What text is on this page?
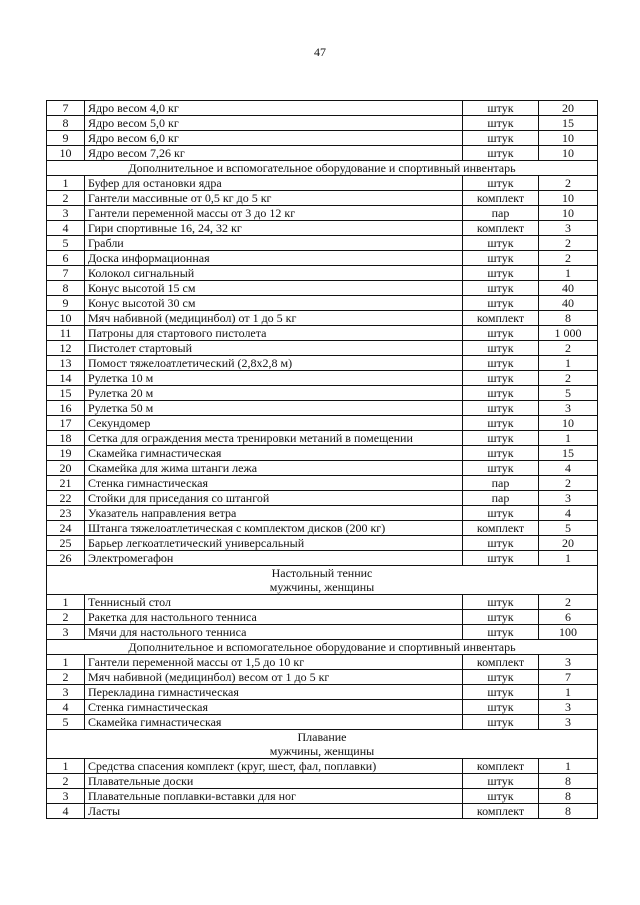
47
7	Ядро весом 4,0 кг	штук	20
8	Ядро весом 5,0 кг	штук	15
9	Ядро весом 6,0 кг	штук	10
10	Ядро весом 7,26 кг	штук	10
Дополнительное и вспомогательное оборудование и спортивный инвентарь			
1	Буфер для остановки ядра	штук	2
2	Гантели массивные от 0,5 кг до 5 кг	комплект	10
3	Гантели переменной массы от 3 до 12 кг	пар	10
4	Гири спортивные 16, 24, 32 кг	комплект	3
5	Грабли	штук	2
6	Доска информационная	штук	2
7	Колокол сигнальный	штук	1
8	Конус высотой 15 см	штук	40
9	Конус высотой 30 см	штук	40
10	Мяч набивной (медицинбол) от 1 до 5 кг	комплект	8
11	Патроны для стартового пистолета	штук	1 000
12	Пистолет стартовый	штук	2
13	Помост тяжелоатлетический (2,8х2,8 м)	штук	1
14	Рулетка 10 м	штук	2
15	Рулетка 20 м	штук	5
16	Рулетка 50 м	штук	3
17	Секундомер	штук	10
18	Сетка для ограждения места тренировки метаний в помещении	штук	1
19	Скамейка гимнастическая	штук	15
20	Скамейка для жима штанги лежа	штук	4
21	Стенка гимнастическая	пар	2
22	Стойки для приседания со штангой	пар	3
23	Указатель направления ветра	штук	4
24	Штанга тяжелоатлетическая с комплектом дисков (200 кг)	комплект	5
25	Барьер легкоатлетический универсальный	штук	20
26	Электромегафон	штук	1
Настольный теннис
мужчины, женщины			
1	Теннисный стол	штук	2
2	Ракетка для настольного тенниса	штук	6
3	Мячи для настольного тенниса	штук	100
Дополнительное и вспомогательное оборудование и спортивный инвентарь			
1	Гантели переменной массы от 1,5 до 10 кг	комплект	3
2	Мяч набивной (медицинбол) весом от 1 до 5 кг	штук	7
3	Перекладина гимнастическая	штук	1
4	Стенка гимнастическая	штук	3
5	Скамейка гимнастическая	штук	3
Плавание
мужчины, женщины			
1	Средства спасения комплект (круг, шест, фал, поплавки)	комплект	1
2	Плавательные доски	штук	8
3	Плавательные поплавки-вставки для ног	штук	8
4	Ласты	комплект	8
